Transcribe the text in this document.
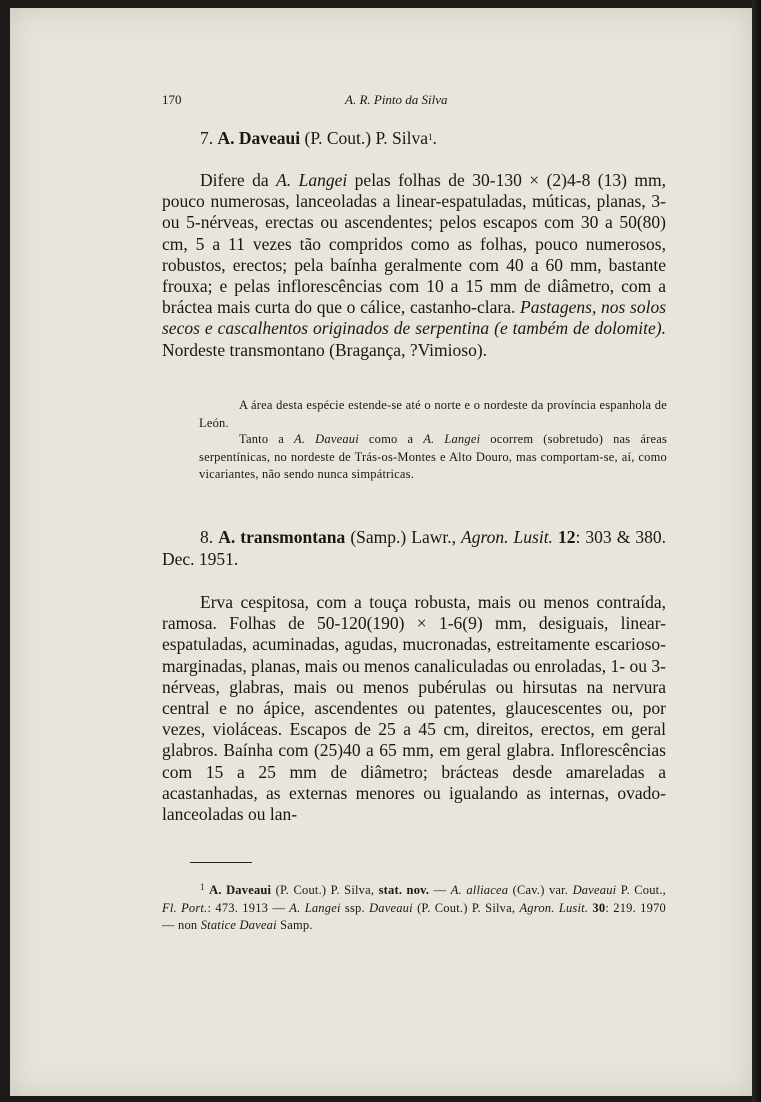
170	A. R. Pinto da Silva
7. A. Daveaui (P. Cout.) P. Silva$^1$.
Difere da A. Langei pelas folhas de 30-130 × (2)4-8 (13) mm, pouco numerosas, lanceoladas a linear-espatuladas, múticas, planas, 3- ou 5-nérveas, erectas ou ascendentes; pelos escapos com 30 a 50(80) cm, 5 a 11 vezes tão compridos como as folhas, pouco numerosos, robustos, erectos; pela baínha geralmente com 40 a 60 mm, bastante frouxa; e pelas inflorescências com 10 a 15 mm de diâmetro, com a bráctea mais curta do que o cálice, castanho-clara. Pastagens, nos solos secos e cascalhentos originados de serpentina (e também de dolomite). Nordeste transmontano (Bragança, ?Vimioso).
A área desta espécie estende-se até o norte e o nordeste da província espanhola de León.
Tanto a A. Daveaui como a A. Langei ocorrem (sobretudo) nas áreas serpentínicas, no nordeste de Trás-os-Montes e Alto Douro, mas comportam-se, aí, como vicariantes, não sendo nunca simpátricas.
8. A. transmontana (Samp.) Lawr., Agron. Lusit. 12: 303 & 380. Dec. 1951.
Erva cespitosa, com a touça robusta, mais ou menos contraída, ramosa. Folhas de 50-120(190) × 1-6(9) mm, desiguais, linear-espatuladas, acuminadas, agudas, mucronadas, estreitamente escarioso-marginadas, planas, mais ou menos canaliculadas ou enroladas, 1- ou 3-nérveas, glabras, mais ou menos pubérulas ou hirsutas na nervura central e no ápice, ascendentes ou patentes, glaucescentes ou, por vezes, violáceas. Escapos de 25 a 45 cm, direitos, erectos, em geral glabros. Baínha com (25)40 a 65 mm, em geral glabra. Inflorescências com 15 a 25 mm de diâmetro; brácteas desde amareladas a acastanhadas, as externas menores ou igualando as internas, ovado-lanceoladas ou lan-
$^1$ A. Daveaui (P. Cout.) P. Silva, stat. nov. — A. alliacea (Cav.) var. Daveaui P. Cout., Fl. Port.: 473. 1913 — A. Langei ssp. Daveaui (P. Cout.) P. Silva, Agron. Lusit. 30: 219. 1970 — non Statice Daveai Samp.
